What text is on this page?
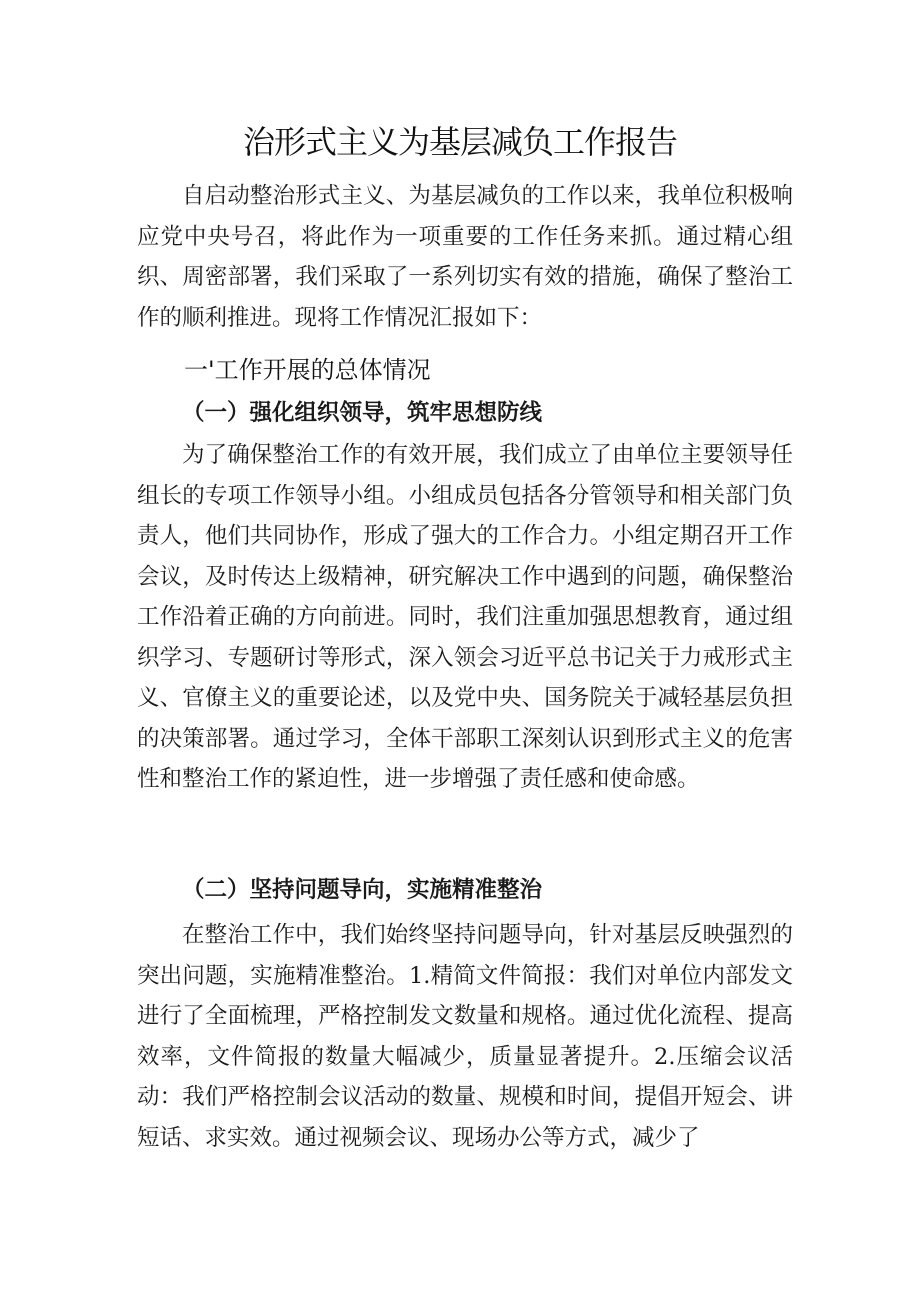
治形式主义为基层减负工作报告

自启动整治形式主义、为基层减负的工作以来，我单位积极响应党中央号召，将此作为一项重要的工作任务来抓。通过精心组织、周密部署，我们采取了一系列切实有效的措施，确保了整治工作的顺利推进。现将工作情况汇报如下：

一'工作开展的总体情况
（一）强化组织领导，筑牢思想防线

为了确保整治工作的有效开展，我们成立了由单位主要领导任组长的专项工作领导小组。小组成员包括各分管领导和相关部门负责人，他们共同协作，形成了强大的工作合力。小组定期召开工作会议，及时传达上级精神，研究解决工作中遇到的问题，确保整治工作沿着正确的方向前进。同时，我们注重加强思想教育，通过组织学习、专题研讨等形式，深入领会习近平总书记关于力戒形式主义、官僚主义的重要论述，以及党中央、国务院关于减轻基层负担的决策部署。通过学习，全体干部职工深刻认识到形式主义的危害性和整治工作的紧迫性，进一步增强了责任感和使命感。

（二）坚持问题导向，实施精准整治

在整治工作中，我们始终坚持问题导向，针对基层反映强烈的突出问题，实施精准整治。1.精简文件简报：我们对单位内部发文进行了全面梳理，严格控制发文数量和规格。通过优化流程、提高效率，文件简报的数量大幅减少，质量显著提升。2.压缩会议活动：我们严格控制会议活动的数量、规模和时间，提倡开短会、讲短话、求实效。通过视频会议、现场办公等方式，减少了
